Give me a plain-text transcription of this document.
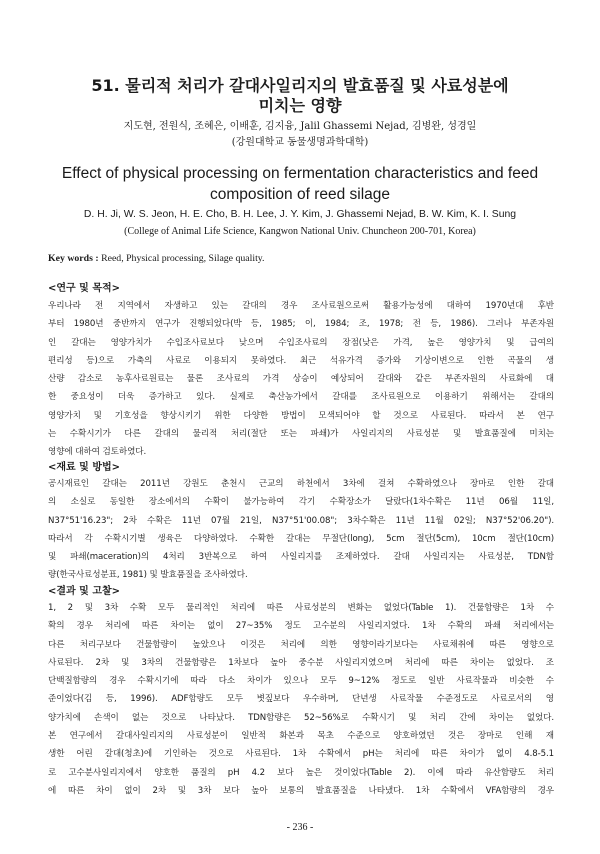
51. 물리적 처리가 갈대사일리지의 발효품질 및 사료성분에
미치는 영향
지도현, 전원식, 조혜은, 이배훈, 김지융, Jalil Ghassemi Nejad, 김병완, 성경일
(강원대학교 동물생명과학대학)
Effect of physical processing on fermentation characteristics and feed
composition of reed silage
D. H. Ji, W. S. Jeon, H. E. Cho, B. H. Lee, J. Y. Kim, J. Ghassemi Nejad, B. W. Kim, K. I. Sung
(College of Animal Life Science, Kangwon National Univ. Chuncheon 200-701, Korea)
Key words : Reed, Physical processing, Silage quality.
<연구 및 목적>
우리나라 전 지역에서 자생하고 있는 갈대의 경우 조사료원으로써 활용가능성에 대하여 1970년대 후반
부터 1980년 중반까지 연구가 진행되었다(박 등, 1985; 이, 1984; 조, 1978; 전 등, 1986). 그러나 부존자원
인 갈대는 영양가치가 수입조사료보다 낮으며 수입조사료의 장점(낮은 가격, 높은 영양가치 및 급여의
편리성 등)으로 가축의 사료로 이용되지 못하였다. 최근 석유가격 증가와 기상이변으로 인한 곡물의 생
산량 감소로 농후사료원료는 물론 조사료의 가격 상승이 예상되어 갈대와 같은 부존자원의 사료화에 대
한 중요성이 더욱 증가하고 있다. 실제로 축산농가에서 갈대를 조사료원으로 이용하기 위해서는 갈대의
영양가치 및 기호성을 향상시키기 위한 다양한 방법이 모색되어야 할 것으로 사료된다. 따라서 본 연구
는 수확시기가 다른 갈대의 물리적 처리(절단 또는 파쇄)가 사일리지의 사료성분 및 발효품질에 미치는
영향에 대하여 검토하였다.
<재료 및 방법>
공시재료인 갈대는 2011년 강원도 춘천시 근교의 하천에서 3차에 걸쳐 수확하였으나 장마로 인한 갈대
의 소실로 동일한 장소에서의 수확이 불가능하여 각기 수확장소가 달랐다(1차수확은 11년 06월 11일,
N37°51'16.23"; 2차 수확은 11년 07월 21일, N37°51'00.08"; 3차수확은 11년 11월 02일; N37°52'06.20").
따라서 각 수확시기별 생육은 다양하였다. 수확한 갈대는 무절단(long), 5cm 절단(5cm), 10cm 절단(10cm)
및 파쇄(maceration)의 4처리 3반복으로 하여 사일리지를 조제하였다. 갈대 사일리지는 사료성분, TDN함
량(한국사료성분표, 1981) 및 발효품질을 조사하였다.
<결과 및 고찰>
1, 2 및 3차 수확 모두 물리적인 처리에 따른 사료성분의 변화는 없었다(Table 1). 건물함량은 1차 수
확의 경우 처리에 따른 차이는 없이 27~35% 정도 고수분의 사일리지였다. 1차 수확의 파쇄 처리에서는
다른 처리구보다 건물함량이 높았으나 이것은 처리에 의한 영향이라기보다는 사료채취에 따른 영향으로
사료된다. 2차 및 3차의 건물함량은 1차보다 높아 중수분 사일리지였으며 처리에 따른 차이는 없었다. 조
단백질함량의 경우 수확시기에 따라 다소 차이가 있으나 모두 9~12% 정도로 일반 사료작물과 비슷한 수
준이었다(김 등, 1996). ADF함량도 모두 볏짚보다 우수하며, 단년생 사료작물 수준정도로 사료로서의 영
양가치에 손색이 없는 것으로 나타났다. TDN함량은 52~56%로 수확시기 및 처리 간에 차이는 없었다.
본 연구에서 갈대사일리지의 사료성분이 일반적 화본과 목초 수준으로 양호하였던 것은 장마로 인해 재
생한 어린 갈대(청초)에 기인하는 것으로 사료된다. 1차 수확에서 pH는 처리에 따른 차이가 없이 4.8-5.1
로 고수분사일리지에서 양호한 품질의 pH 4.2 보다 높은 것이었다(Table 2). 이에 따라 유산함량도 처리
에 따른 차이 없이 2차 및 3차 보다 높아 보통의 발효품질을 나타냈다. 1차 수확에서 VFA함량의 경우
- 236 -
